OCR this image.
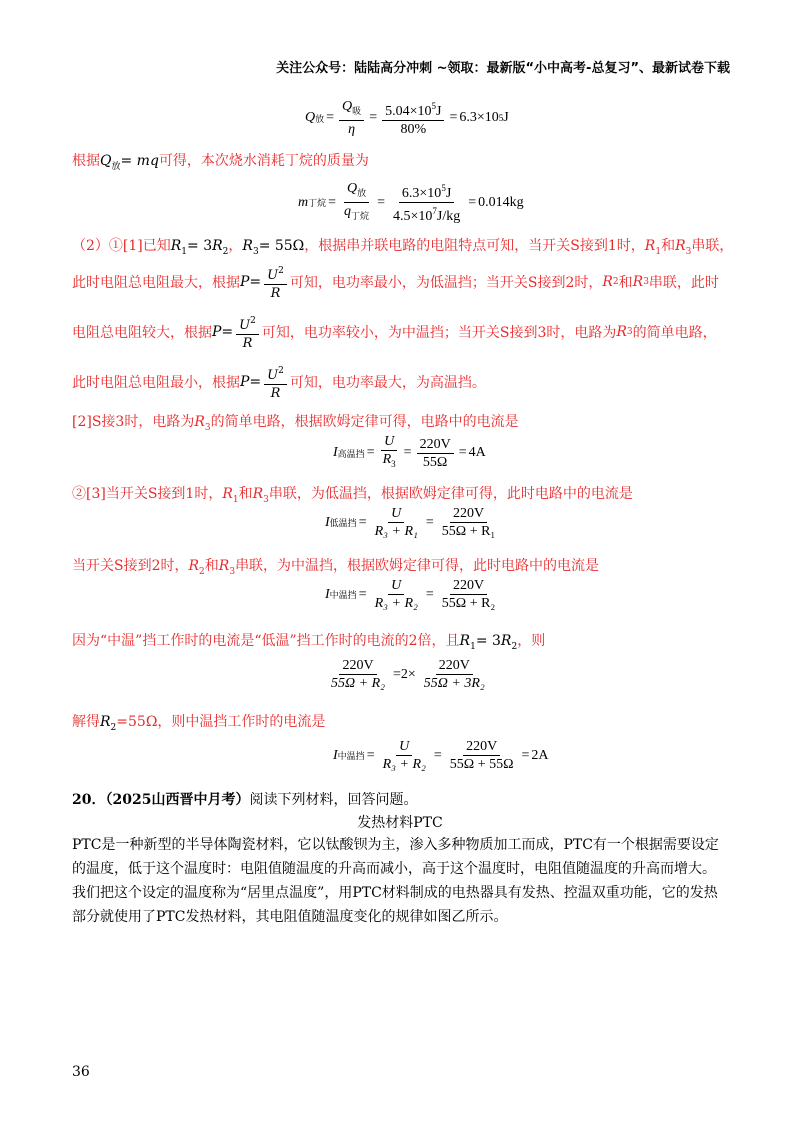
关注公众号：陆陆高分冲刺 ~领取：最新版“小中高考-总复习”、最新试卷下载
Q 放 = $\frac{Q_吸}{\eta} = \frac{5.04\times 10^5J}{80\%} = 6.3\times 10$ 5 J
根据$Q_放=$ mq可得，本次烧水消耗丁烷的质量为
m 丁烷 = $\frac{Q_放}{q_{丁烷}} = \frac{6.3\times 10^5J}{4.5\times 10^7J/kg} = 0.014kg$
（2）①[1]已知$R_1= 3R_2$，$R_3= 55\Omega$，根据串并联电路的电阻特点可知，当开关S接到1时，$R_1$和$R_3$串联，
此时电阻总电阻最大，根据 $P= \frac{U^2}{R}$ 可知，电功率最小，为低温挡；当开关S接到2时， R 2 和 R 3 串联，此时
电阻总电阻较大，根据 $P= \frac{U^2}{R}$ 可知，电功率较小，为中温挡；当开关S接到3时，电路为 R 3 的简单电路，
此时电阻总电阻最小，根据 $P= \frac{U^2}{R}$ 可知，电功率最大，为高温挡。
[2]S接3时，电路为$R_3$的简单电路，根据欧姆定律可得，电路中的电流是
I 高温挡 = $\frac{U}{R_3} = \frac{220V}{55\Omega} = 4A$
②[3]当开关S接到1时，$R_1$和$R_3$串联，为低温挡，根据欧姆定律可得，此时电路中的电流是
I 低温挡 = $\frac{U}{\text{R₃ + R₁}} = \frac{220V}{\text{55Ω + R₁}}$
当开关S接到2时，$R_2$和$R_3$串联，为中温挡，根据欧姆定律可得，此时电路中的电流是
I 中温挡 = $\frac{U}{\text{R₃ + R₂}} = \frac{220V}{\text{55Ω + R₂}}$
因为“中温”挡工作时的电流是“低温”挡工作时的电流的2倍，且$R_1= 3R_2$，则
$\frac{220V}{\text{55Ω + R₂}} =2\times \frac{220V}{\text{55Ω + 3R₂}}$
解得$R_2=55\Omega$，则中温挡工作时的电流是
I 中温挡 = $\frac{U}{\text{R₃ + R₂}} = \frac{220V}{55\Omega + 55\Omega} = 2A$
20．（2025山西晋中月考）阅读下列材料，回答问题。
发热材料PTC
PTC是一种新型的半导体陶瓷材料，它以钛酸钡为主，渗入多种物质加工而成，PTC有一个根据需要设定的温度，低于这个温度时：电阻值随温度的升高而减小，高于这个温度时，电阻值随温度的升高而增大。我们把这个设定的温度称为“居里点温度”，用PTC材料制成的电热器具有发热、控温双重功能，它的发热部分就使用了PTC发热材料，其电阻值随温度变化的规律如图乙所示。
36
